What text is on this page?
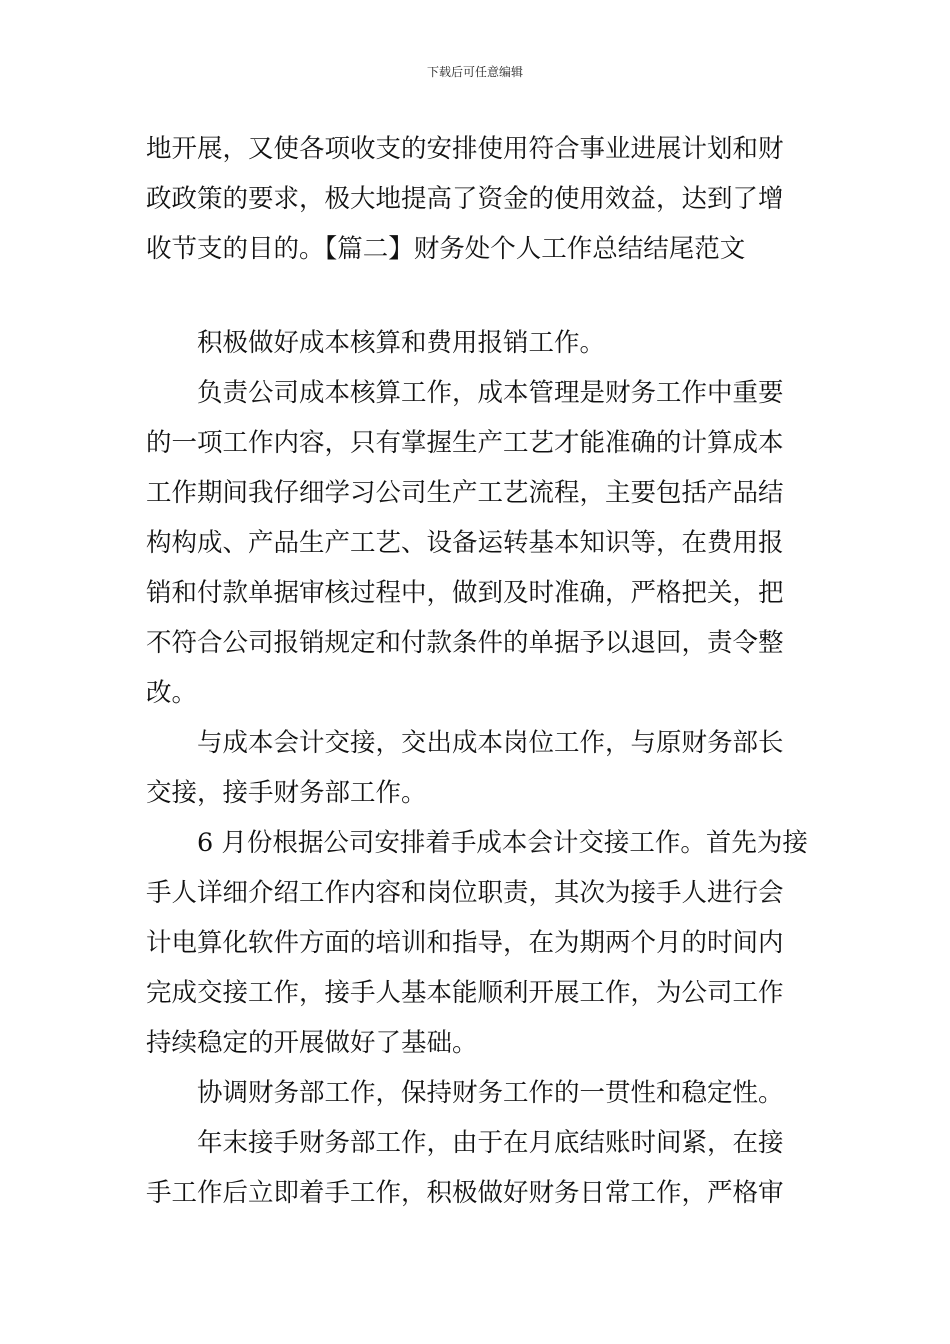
下载后可任意编辑
地开展，又使各项收支的安排使用符合事业进展计划和财
政政策的要求，极大地提高了资金的使用效益，达到了增
收节支的目的。【篇二】财务处个人工作总结结尾范文
积极做好成本核算和费用报销工作。
负责公司成本核算工作，成本管理是财务工作中重要
的一项工作内容，只有掌握生产工艺才能准确的计算成本
工作期间我仔细学习公司生产工艺流程，主要包括产品结
构构成、产品生产工艺、设备运转基本知识等，在费用报
销和付款单据审核过程中，做到及时准确，严格把关，把
不符合公司报销规定和付款条件的单据予以退回，责令整
改。
与成本会计交接，交出成本岗位工作，与原财务部长
交接，接手财务部工作。
6 月份根据公司安排着手成本会计交接工作。首先为接
手人详细介绍工作内容和岗位职责，其次为接手人进行会
计电算化软件方面的培训和指导，在为期两个月的时间内
完成交接工作，接手人基本能顺利开展工作，为公司工作
持续稳定的开展做好了基础。
协调财务部工作，保持财务工作的一贯性和稳定性。
年末接手财务部工作，由于在月底结账时间紧，在接
手工作后立即着手工作，积极做好财务日常工作，严格审
